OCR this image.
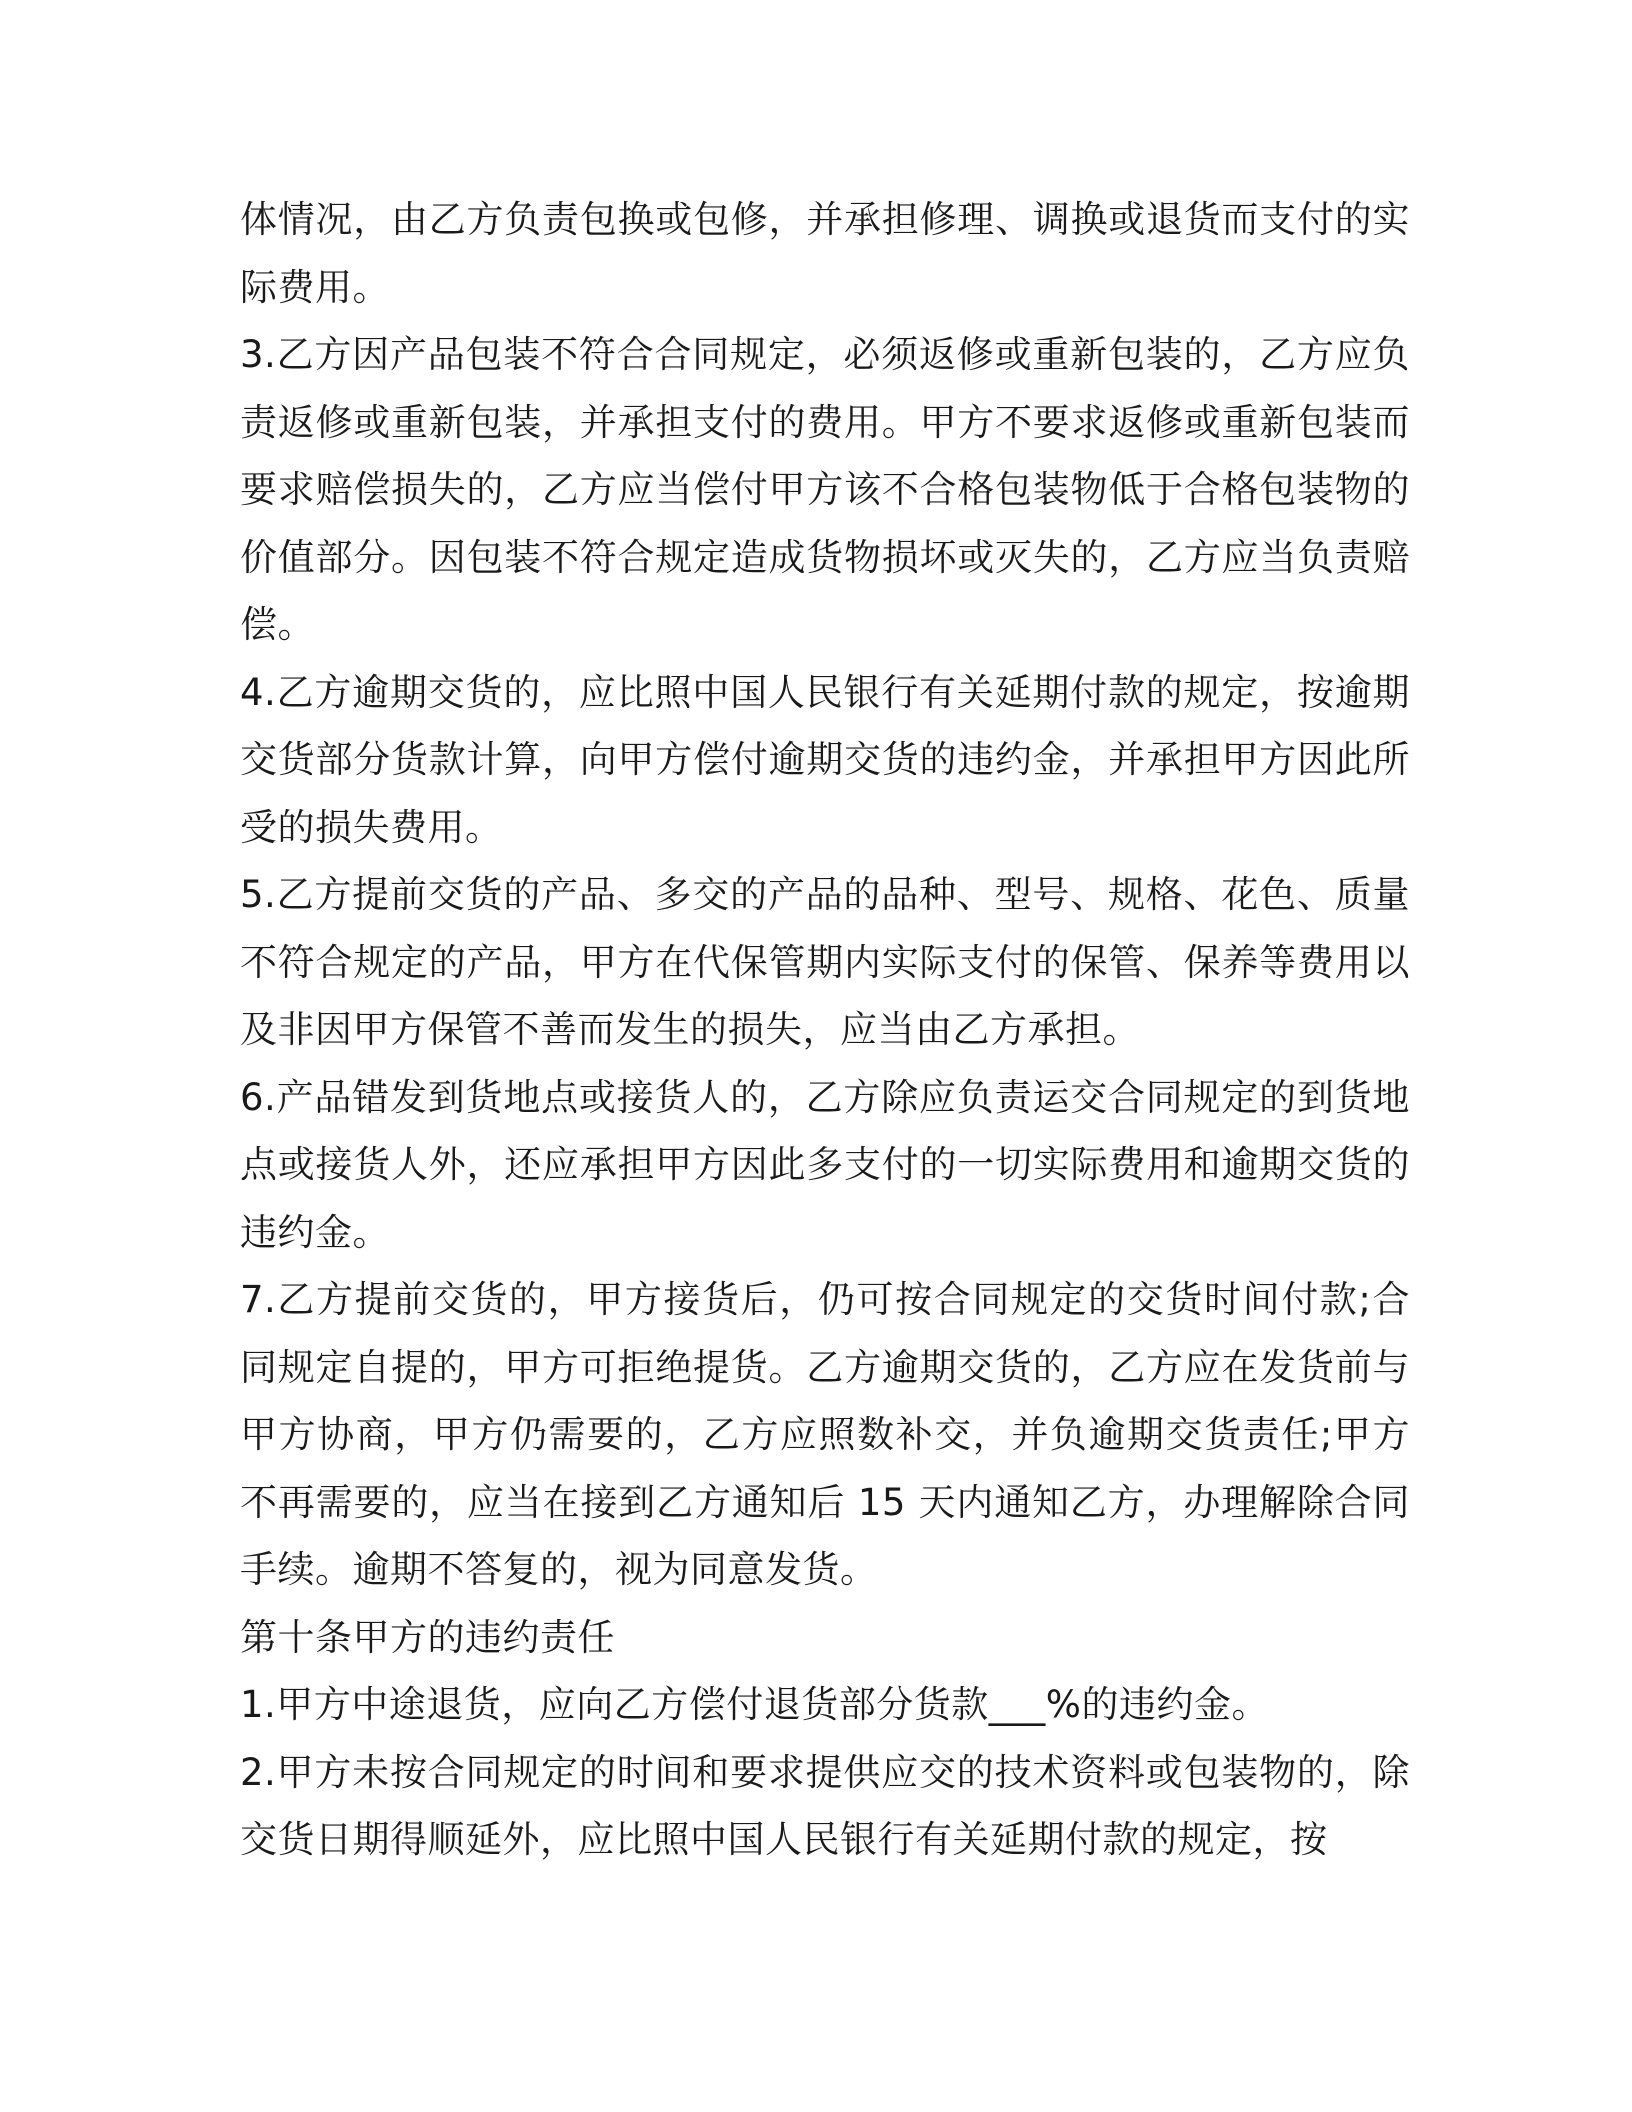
体情况，由乙方负责包换或包修，并承担修理、调换或退货而支付的实际费用。

3.乙方因产品包装不符合合同规定，必须返修或重新包装的，乙方应负责返修或重新包装，并承担支付的费用。甲方不要求返修或重新包装而要求赔偿损失的，乙方应当偿付甲方该不合格包装物低于合格包装物的价值部分。因包装不符合规定造成货物损坏或灭失的，乙方应当负责赔偿。

4.乙方逾期交货的，应比照中国人民银行有关延期付款的规定，按逾期交货部分货款计算，向甲方偿付逾期交货的违约金，并承担甲方因此所受的损失费用。

5.乙方提前交货的产品、多交的产品的品种、型号、规格、花色、质量不符合规定的产品，甲方在代保管期内实际支付的保管、保养等费用以及非因甲方保管不善而发生的损失，应当由乙方承担。

6.产品错发到货地点或接货人的，乙方除应负责运交合同规定的到货地点或接货人外，还应承担甲方因此多支付的一切实际费用和逾期交货的违约金。

7.乙方提前交货的，甲方接货后，仍可按合同规定的交货时间付款;合同规定自提的，甲方可拒绝提货。乙方逾期交货的，乙方应在发货前与甲方协商，甲方仍需要的，乙方应照数补交，并负逾期交货责任;甲方不再需要的，应当在接到乙方通知后 15 天内通知乙方，办理解除合同手续。逾期不答复的，视为同意发货。

第十条甲方的违约责任

1.甲方中途退货，应向乙方偿付退货部分货款___%的违约金。

2.甲方未按合同规定的时间和要求提供应交的技术资料或包装物的，除交货日期得顺延外，应比照中国人民银行有关延期付款的规定，按
